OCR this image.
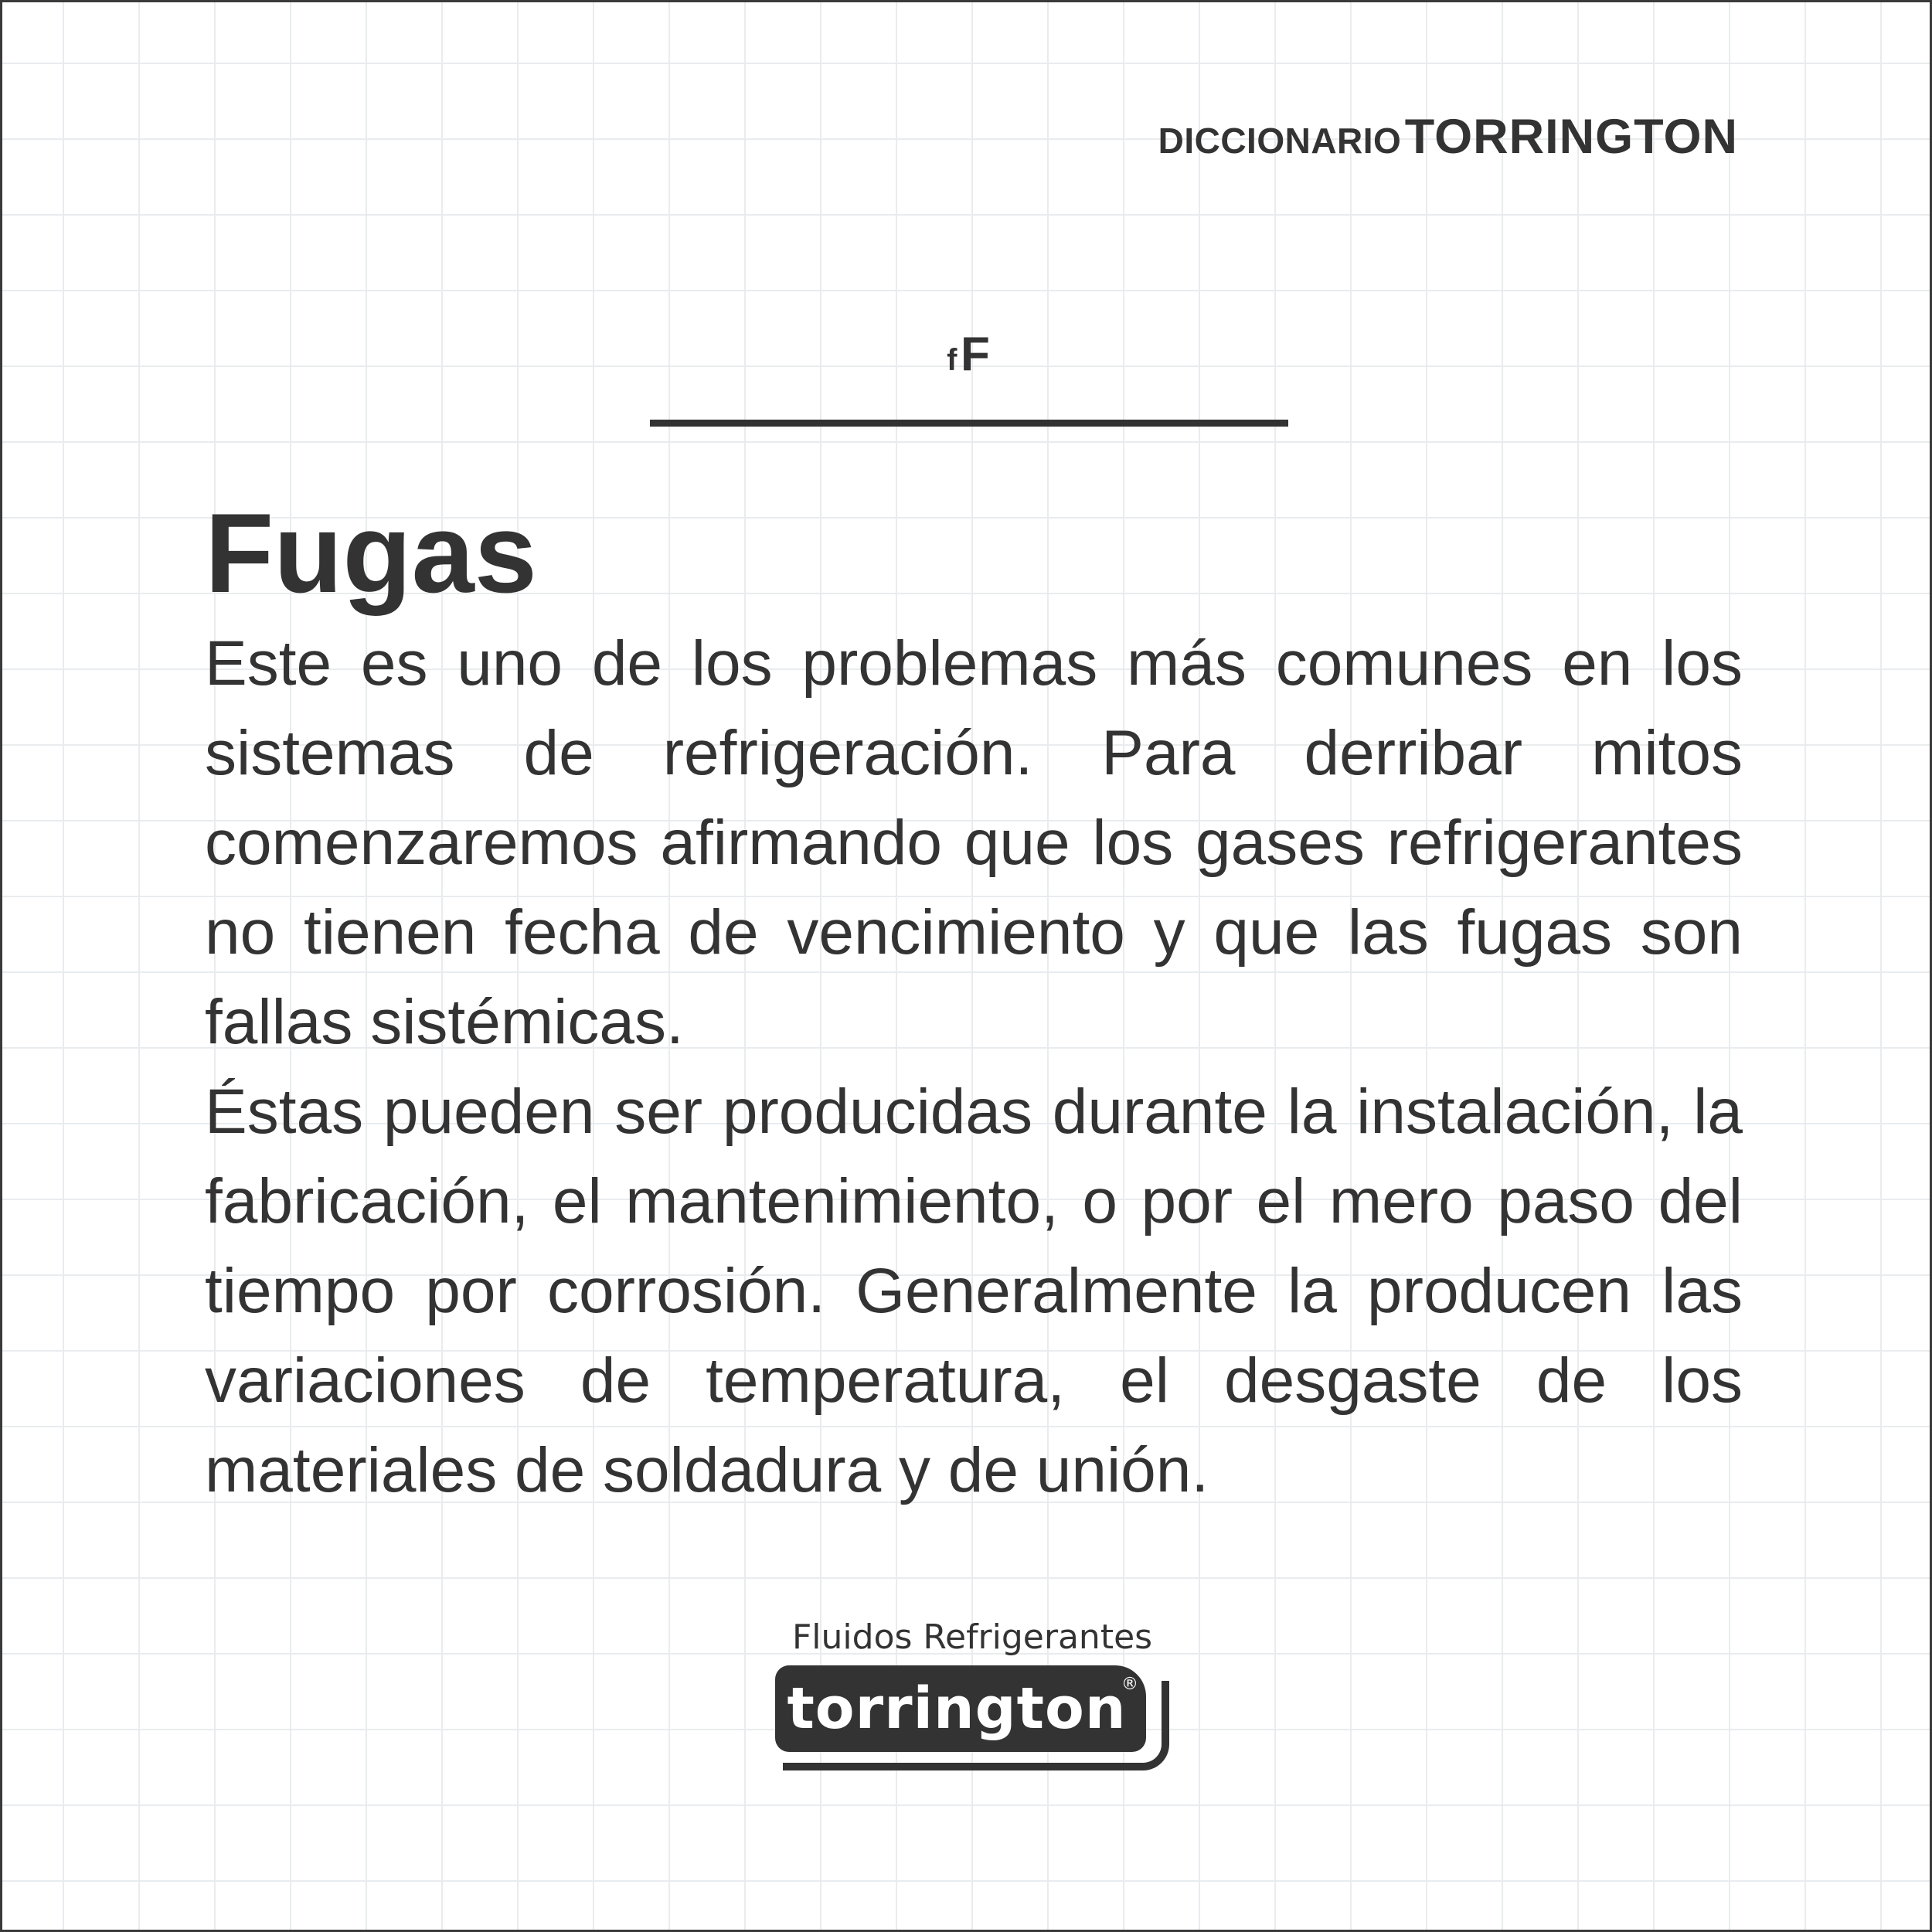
DICCIONARIO TORRINGTON
f F
Fugas

Este es uno de los problemas más comunes en los sistemas de refrigeración. Para derribar mitos comenzaremos afirmando que los gases refrigerantes no tienen fecha de vencimiento y que las fugas son fallas sistémicas.

Éstas pueden ser producidas durante la instalación, la fabricación, el mantenimiento, o por el mero paso del tiempo por corrosión. Generalmente la producen las variaciones de temperatura, el desgaste de los materiales de soldadura y de unión.

Fluidos Refrigerantes
torrington
®
